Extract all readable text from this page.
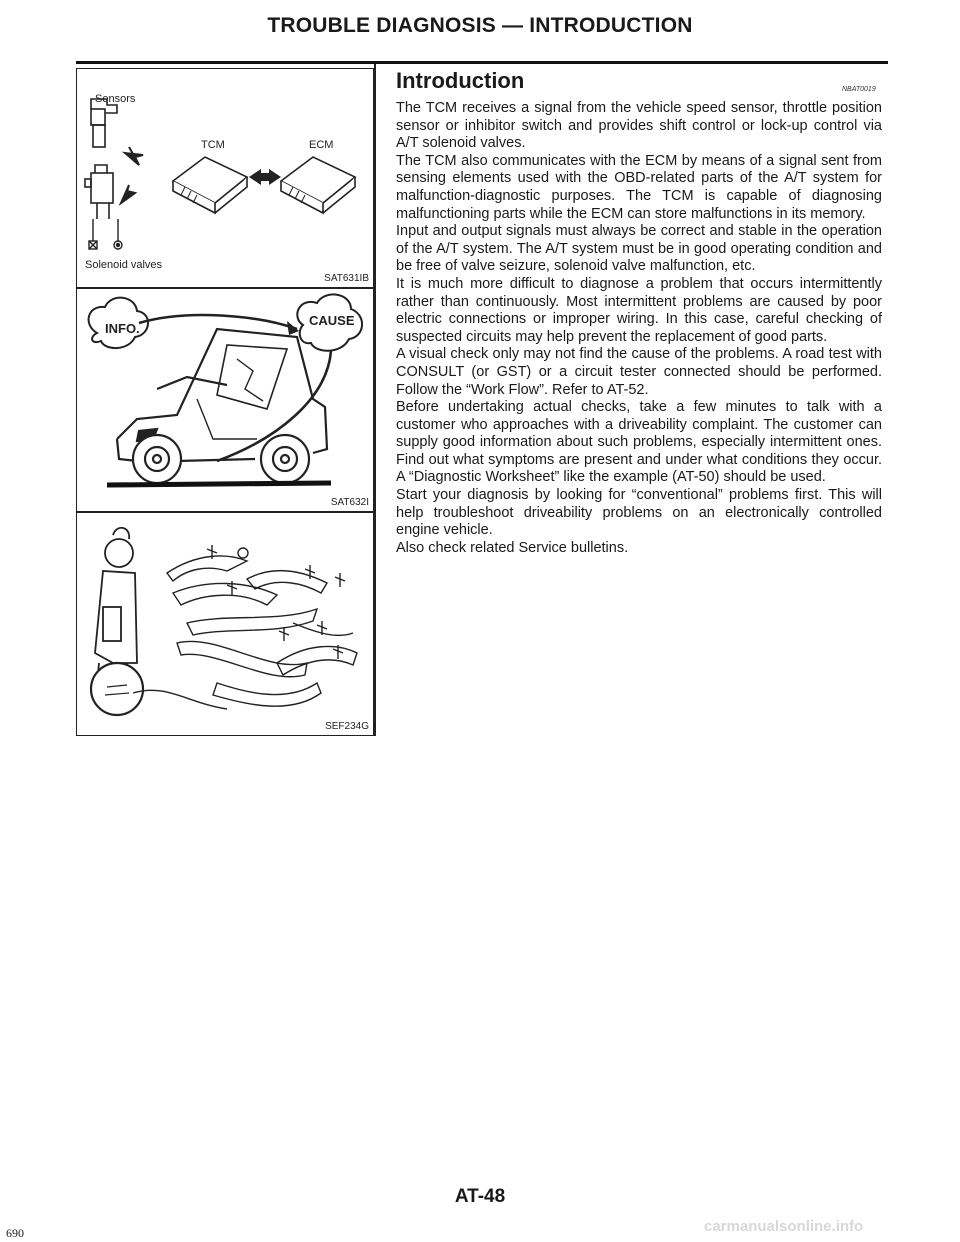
TROUBLE DIAGNOSIS — INTRODUCTION
Sensors
TCM	ECM
Solenoid valves
SAT631IB
INFO.
CAUSE
SAT632I
SEF234G
Introduction	NBAT0019

The TCM receives a signal from the vehicle speed sensor, throttle position sensor or inhibitor switch and provides shift control or lock-up control via A/T solenoid valves.

The TCM also communicates with the ECM by means of a signal sent from sensing elements used with the OBD-related parts of the A/T system for malfunction-diagnostic purposes. The TCM is capable of diagnosing malfunctioning parts while the ECM can store malfunctions in its memory.

Input and output signals must always be correct and stable in the operation of the A/T system. The A/T system must be in good operating condition and be free of valve seizure, solenoid valve malfunction, etc.

It is much more difficult to diagnose a problem that occurs intermittently rather than continuously. Most intermittent problems are caused by poor electric connections or improper wiring. In this case, careful checking of suspected circuits may help prevent the replacement of good parts.

A visual check only may not find the cause of the problems. A road test with CONSULT (or GST) or a circuit tester connected should be performed. Follow the “Work Flow”. Refer to AT-52.

Before undertaking actual checks, take a few minutes to talk with a customer who approaches with a driveability complaint. The customer can supply good information about such problems, especially intermittent ones. Find out what symptoms are present and under what conditions they occur. A “Diagnostic Worksheet” like the example (AT-50) should be used.

Start your diagnosis by looking for “conventional” problems first. This will help troubleshoot driveability problems on an electronically controlled engine vehicle.

Also check related Service bulletins.

AT-48
690	carmanualsonline.info
